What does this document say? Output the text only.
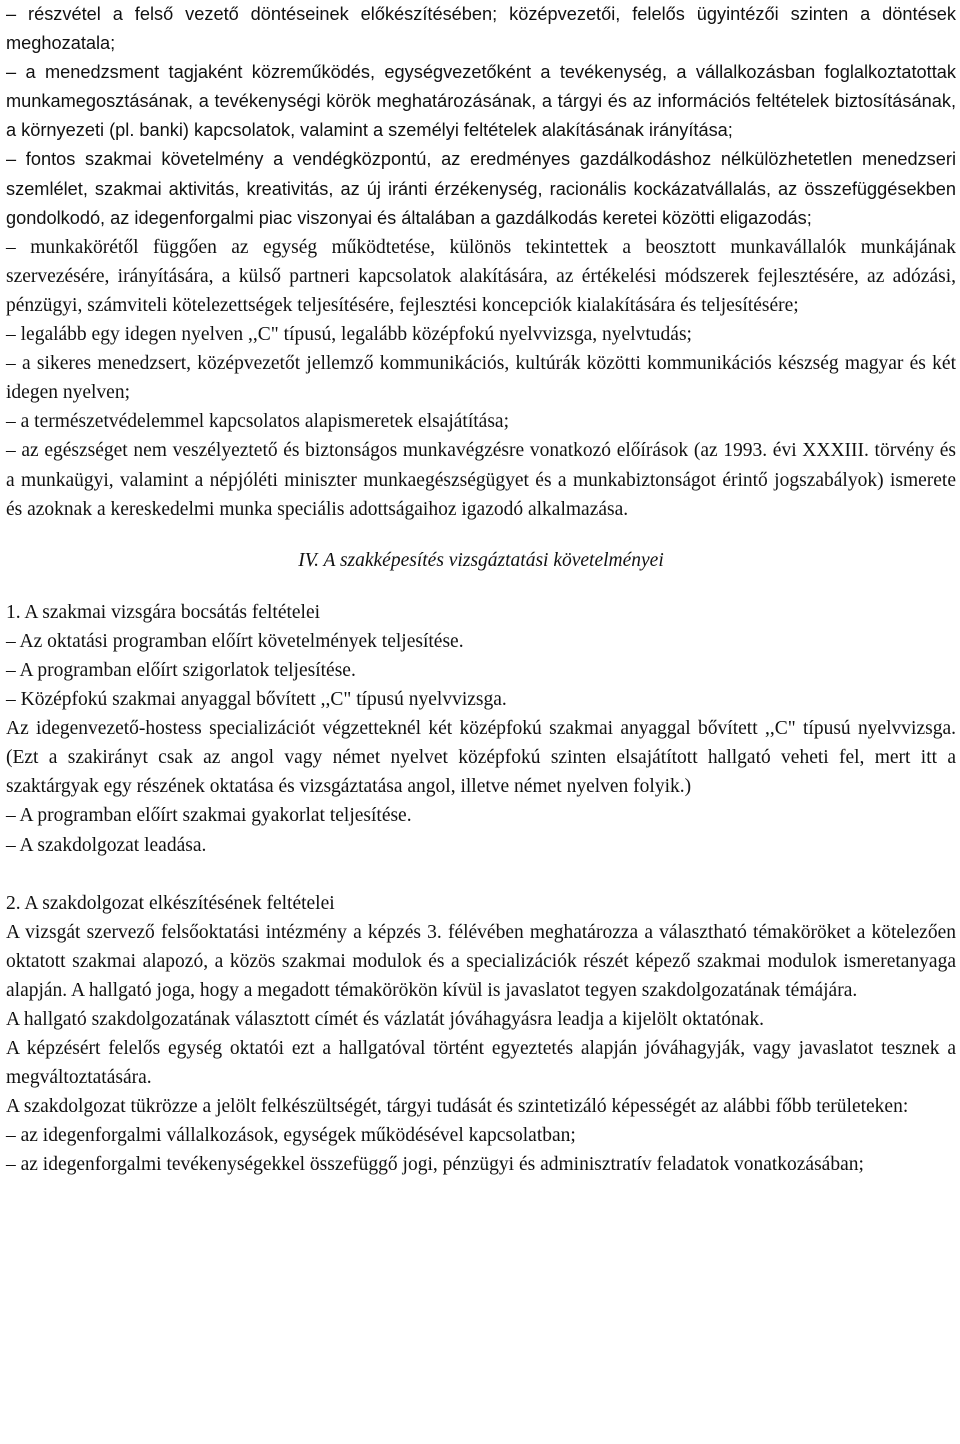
– részvétel a felső vezető döntéseinek előkészítésében; középvezetői, felelős ügyintézői szinten a döntések meghozatala;

– a menedzsment tagjaként közreműködés, egységvezetőként a tevékenység, a vállalkozásban foglalkoztatottak munkamegosztásának, a tevékenységi körök meghatározásának, a tárgyi és az információs feltételek biztosításának, a környezeti (pl. banki) kapcsolatok, valamint a személyi feltételek alakításának irányítása;

– fontos szakmai követelmény a vendégközpontú, az eredményes gazdálkodáshoz nélkülözhetetlen menedzseri szemlélet, szakmai aktivitás, kreativitás, az új iránti érzékenység, racionális kockázatvállalás, az összefüggésekben gondolkodó, az idegenforgalmi piac viszonyai és általában a gazdálkodás keretei közötti eligazodás;

– munkakörétől függően az egység működtetése, különös tekintettek a beosztott munkavállalók munkájának szervezésére, irányítására, a külső partneri kapcsolatok alakítására, az értékelési módszerek fejlesztésére, az adózási, pénzügyi, számviteli kötelezettségek teljesítésére, fejlesztési koncepciók kialakítására és teljesítésére;

– legalább egy idegen nyelven ,,C" típusú, legalább középfokú nyelvvizsga, nyelvtudás;

– a sikeres menedzsert, középvezetőt jellemző kommunikációs, kultúrák közötti kommunikációs készség magyar és két idegen nyelven;

– a természetvédelemmel kapcsolatos alapismeretek elsajátítása;

– az egészséget nem veszélyeztető és biztonságos munkavégzésre vonatkozó előírások (az 1993. évi XXXIII. törvény és a munkaügyi, valamint a népjóléti miniszter munkaegészségügyet és a munkabiztonságot érintő jogszabályok) ismerete és azoknak a kereskedelmi munka speciális adottságaihoz igazodó alkalmazása.

IV. A szakképesítés vizsgáztatási követelményei

1. A szakmai vizsgára bocsátás feltételei

– Az oktatási programban előírt követelmények teljesítése.

– A programban előírt szigorlatok teljesítése.

– Középfokú szakmai anyaggal bővített ,,C" típusú nyelvvizsga.

Az idegenvezető-hostess specializációt végzetteknél két középfokú szakmai anyaggal bővített ,,C" típusú nyelvvizsga. (Ezt a szakirányt csak az angol vagy német nyelvet középfokú szinten elsajátított hallgató veheti fel, mert itt a szaktárgyak egy részének oktatása és vizsgáztatása angol, illetve német nyelven folyik.)

– A programban előírt szakmai gyakorlat teljesítése.

– A szakdolgozat leadása.

2. A szakdolgozat elkészítésének feltételei

A vizsgát szervező felsőoktatási intézmény a képzés 3. félévében meghatározza a választható témaköröket a kötelezően oktatott szakmai alapozó, a közös szakmai modulok és a specializációk részét képező szakmai modulok ismeretanyaga alapján. A hallgató joga, hogy a megadott témakörökön kívül is javaslatot tegyen szakdolgozatának témájára.

A hallgató szakdolgozatának választott címét és vázlatát jóváhagyásra leadja a kijelölt oktatónak.

A képzésért felelős egység oktatói ezt a hallgatóval történt egyeztetés alapján jóváhagyják, vagy javaslatot tesznek a megváltoztatására.

A szakdolgozat tükrözze a jelölt felkészültségét, tárgyi tudását és szintetizáló képességét az alábbi főbb területeken:

– az idegenforgalmi vállalkozások, egységek működésével kapcsolatban;

– az idegenforgalmi tevékenységekkel összefüggő jogi, pénzügyi és adminisztratív feladatok vonatkozásában;
